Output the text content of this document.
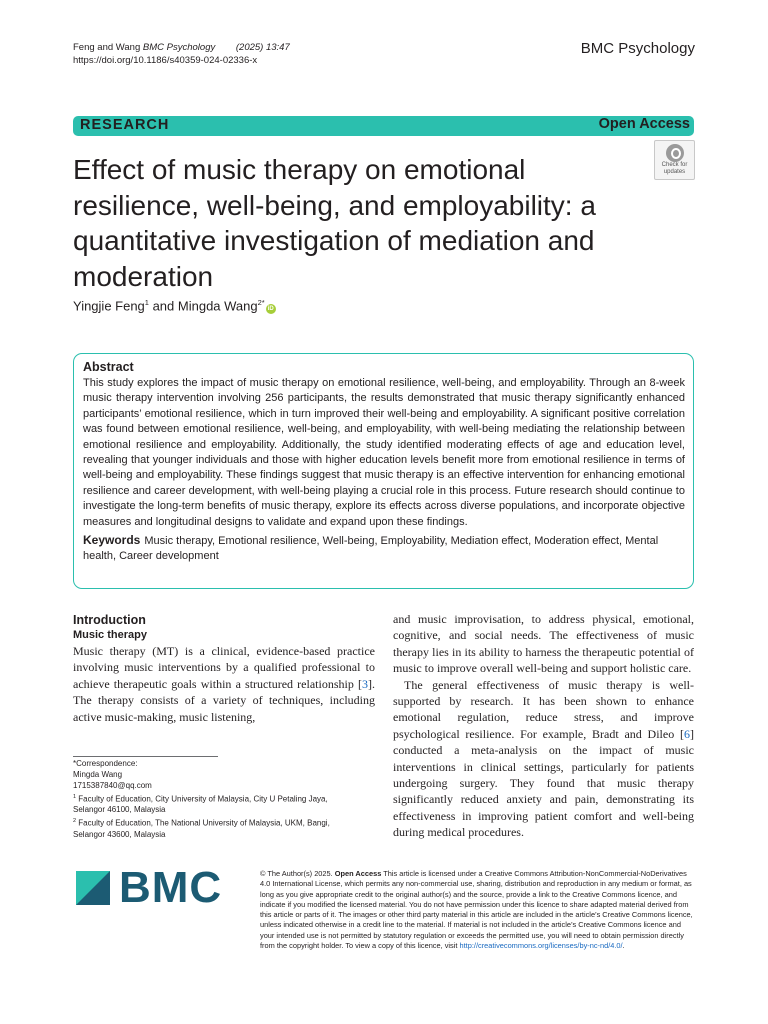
Feng and Wang BMC Psychology (2025) 13:47
https://doi.org/10.1186/s40359-024-02336-x
BMC Psychology
RESEARCH	Open Access
Effect of music therapy on emotional resilience, well-being, and employability: a quantitative investigation of mediation and moderation
Check for
updates
Yingjie Feng$^1$ and Mingda Wang$^{2*}$iD
Abstract

This study explores the impact of music therapy on emotional resilience, well-being, and employability. Through an 8-week music therapy intervention involving 256 participants, the results demonstrated that music therapy significantly enhanced participants’ emotional resilience, which in turn improved their well-being and employability. A significant positive correlation was found between emotional resilience, well-being, and employability, with well-being mediating the relationship between emotional resilience and employability. Additionally, the study identified moderating effects of age and education level, revealing that younger individuals and those with higher education levels benefit more from emotional resilience in terms of well-being and employability. These findings suggest that music therapy is an effective intervention for enhancing emotional resilience and career development, with well-being playing a crucial role in this process. Future research should continue to investigate the long-term benefits of music therapy, explore its effects across diverse populations, and incorporate objective measures and longitudinal designs to validate and expand upon these findings.

Keywords Music therapy, Emotional resilience, Well-being, Employability, Mediation effect, Moderation effect, Mental health, Career development

Introduction
Music therapy

Music therapy (MT) is a clinical, evidence-based practice involving music interventions by a qualified professional to achieve therapeutic goals within a structured relationship [3]. The therapy consists of a variety of techniques, including active music-making, music listening,

and music improvisation, to address physical, emotional, cognitive, and social needs. The effectiveness of music therapy lies in its ability to harness the therapeutic potential of music to improve overall well-being and support holistic care.

The general effectiveness of music therapy is well-supported by research. It has been shown to enhance emotional regulation, reduce stress, and improve psychological resilience. For example, Bradt and Dileo [6] conducted a meta-analysis on the impact of music interventions in clinical settings, particularly for patients undergoing surgery. They found that music therapy significantly reduced anxiety and pain, demonstrating its effectiveness in improving patient comfort and well-being during medical procedures.

*Correspondence:
Mingda Wang
1715387840@qq.com
$^1$ Faculty of Education, City University of Malaysia, City U Petaling Jaya,
Selangor 46100, Malaysia
$^2$ Faculty of Education, The National University of Malaysia, UKM, Bangi,
Selangor 43600, Malaysia
BMC	© The Author(s) 2025. Open Access This article is licensed under a Creative Commons Attribution-NonCommercial-NoDerivatives 4.0 International License, which permits any non-commercial use, sharing, distribution and reproduction in any medium or format, as long as you give appropriate credit to the original author(s) and the source, provide a link to the Creative Commons licence, and indicate if you modified the licensed material. You do not have permission under this licence to share adapted material derived from this article or parts of it. The images or other third party material in this article are included in the article’s Creative Commons licence, unless indicated otherwise in a credit line to the material. If material is not included in the article’s Creative Commons licence and your intended use is not permitted by statutory regulation or exceeds the permitted use, you will need to obtain permission directly from the copyright holder. To view a copy of this licence, visit http://creativecommons.org/licenses/by-nc-nd/4.0/.
